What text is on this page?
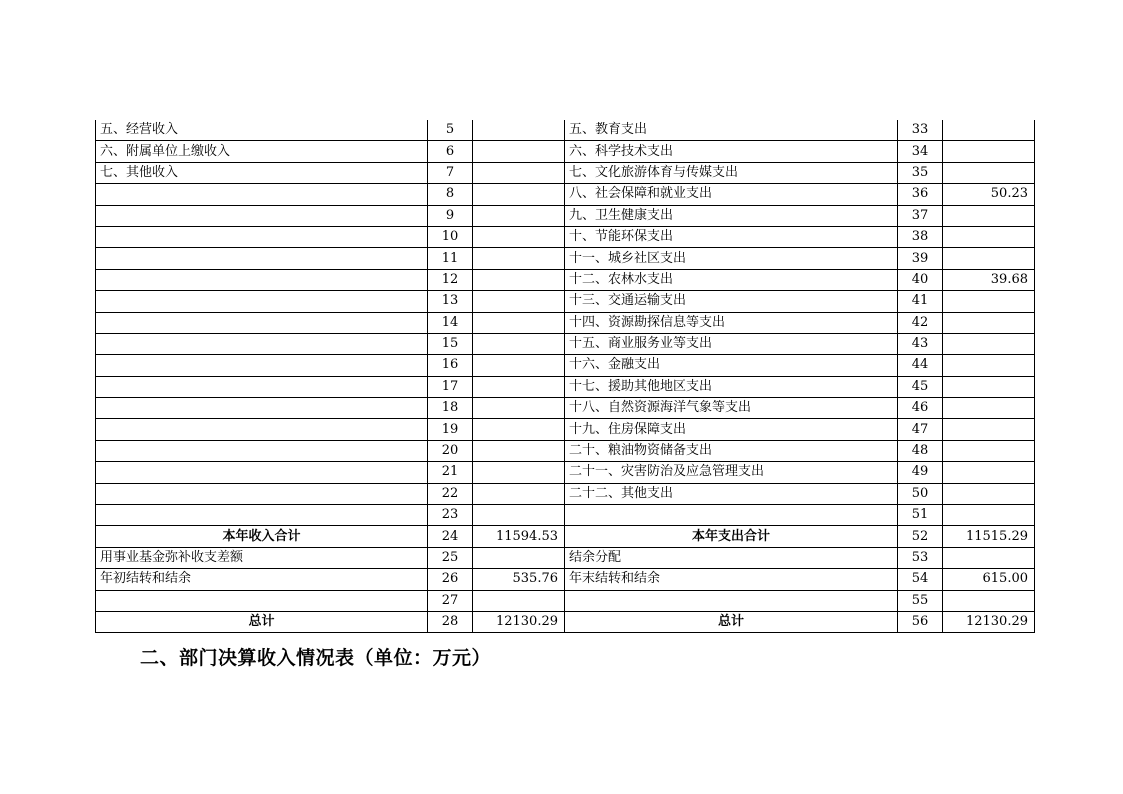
五、经营收入	5		五、教育支出	33	
六、附属单位上缴收入	6		六、科学技术支出	34	
七、其他收入	7		七、文化旅游体育与传媒支出	35	
	8		八、社会保障和就业支出	36	50.23
	9		九、卫生健康支出	37	
	10		十、节能环保支出	38	
	11		十一、城乡社区支出	39	
	12		十二、农林水支出	40	39.68
	13		十三、交通运输支出	41	
	14		十四、资源勘探信息等支出	42	
	15		十五、商业服务业等支出	43	
	16		十六、金融支出	44	
	17		十七、援助其他地区支出	45	
	18		十八、自然资源海洋气象等支出	46	
	19		十九、住房保障支出	47	
	20		二十、粮油物资储备支出	48	
	21		二十一、灾害防治及应急管理支出	49	
	22		二十二、其他支出	50	
	23			51	
本年收入合计	24	11594.53	本年支出合计	52	11515.29
用事业基金弥补收支差额	25		结余分配	53	
年初结转和结余	26	535.76	年末结转和结余	54	615.00
	27			55	
总计	28	12130.29	总计	56	12130.29
二、部门决算收入情况表（单位：万元）
